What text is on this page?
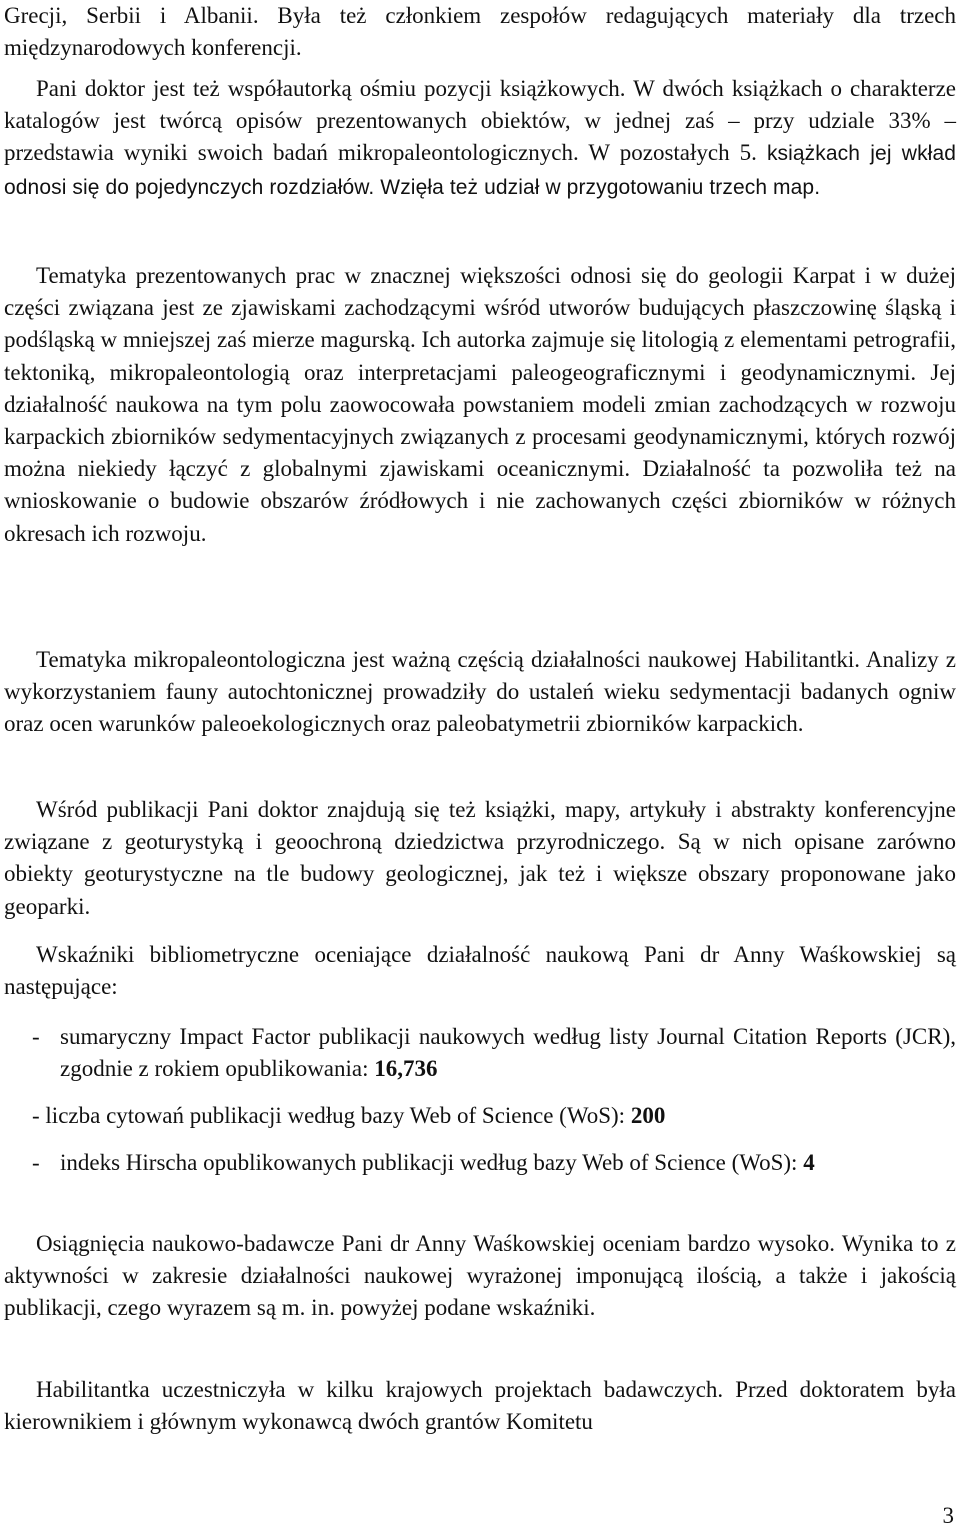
Grecji, Serbii i Albanii. Była też członkiem zespołów redagujących materiały dla trzech międzynarodowych konferencji.

Pani doktor jest też współautorką ośmiu pozycji książkowych. W dwóch książkach o charakterze katalogów jest twórcą opisów prezentowanych obiektów, w jednej zaś – przy udziale 33% – przedstawia wyniki swoich badań mikropaleontologicznych. W pozostałych 5. książkach jej wkład odnosi się do pojedynczych rozdziałów. Wzięła też udział w przygotowaniu trzech map.

Tematyka prezentowanych prac w znacznej większości odnosi się do geologii Karpat i w dużej części związana jest ze zjawiskami zachodzącymi wśród utworów budujących płaszczowinę śląską i podśląską w mniejszej zaś mierze magurską. Ich autorka zajmuje się litologią z elementami petrografii, tektoniką, mikropaleontologią oraz interpretacjami paleogeograficznymi i geodynamicznymi. Jej działalność naukowa na tym polu zaowocowała powstaniem modeli zmian zachodzących w rozwoju karpackich zbiorników sedymentacyjnych związanych z procesami geodynamicznymi, których rozwój można niekiedy łączyć z globalnymi zjawiskami oceanicznymi. Działalność ta pozwoliła też na wnioskowanie o budowie obszarów źródłowych i nie zachowanych części zbiorników w różnych okresach ich rozwoju.

Tematyka mikropaleontologiczna jest ważną częścią działalności naukowej Habilitantki. Analizy z wykorzystaniem fauny autochtonicznej prowadziły do ustaleń wieku sedymentacji badanych ogniw oraz ocen warunków paleoekologicznych oraz paleobatymetrii zbiorników karpackich.

Wśród publikacji Pani doktor znajdują się też książki, mapy, artykuły i abstrakty konferencyjne związane z geoturystyką i geoochroną dziedzictwa przyrodniczego. Są w nich opisane zarówno obiekty geoturystyczne na tle budowy geologicznej, jak też i większe obszary proponowane jako geoparki.

Wskaźniki bibliometryczne oceniające działalność naukową Pani dr Anny Waśkowskiej są następujące:

- sumaryczny Impact Factor publikacji naukowych według listy Journal Citation Reports (JCR), zgodnie z rokiem opublikowania: 16,736
- liczba cytowań publikacji według bazy Web of Science (WoS): 200
- indeks Hirscha opublikowanych publikacji według bazy Web of Science (WoS): 4

Osiągnięcia naukowo-badawcze Pani dr Anny Waśkowskiej oceniam bardzo wysoko. Wynika to z aktywności w zakresie działalności naukowej wyrażonej imponującą ilością, a także i jakością publikacji, czego wyrazem są m. in. powyżej podane wskaźniki.

Habilitantka uczestniczyła w kilku krajowych projektach badawczych. Przed doktoratem była kierownikiem i głównym wykonawcą dwóch grantów Komitetu

3
